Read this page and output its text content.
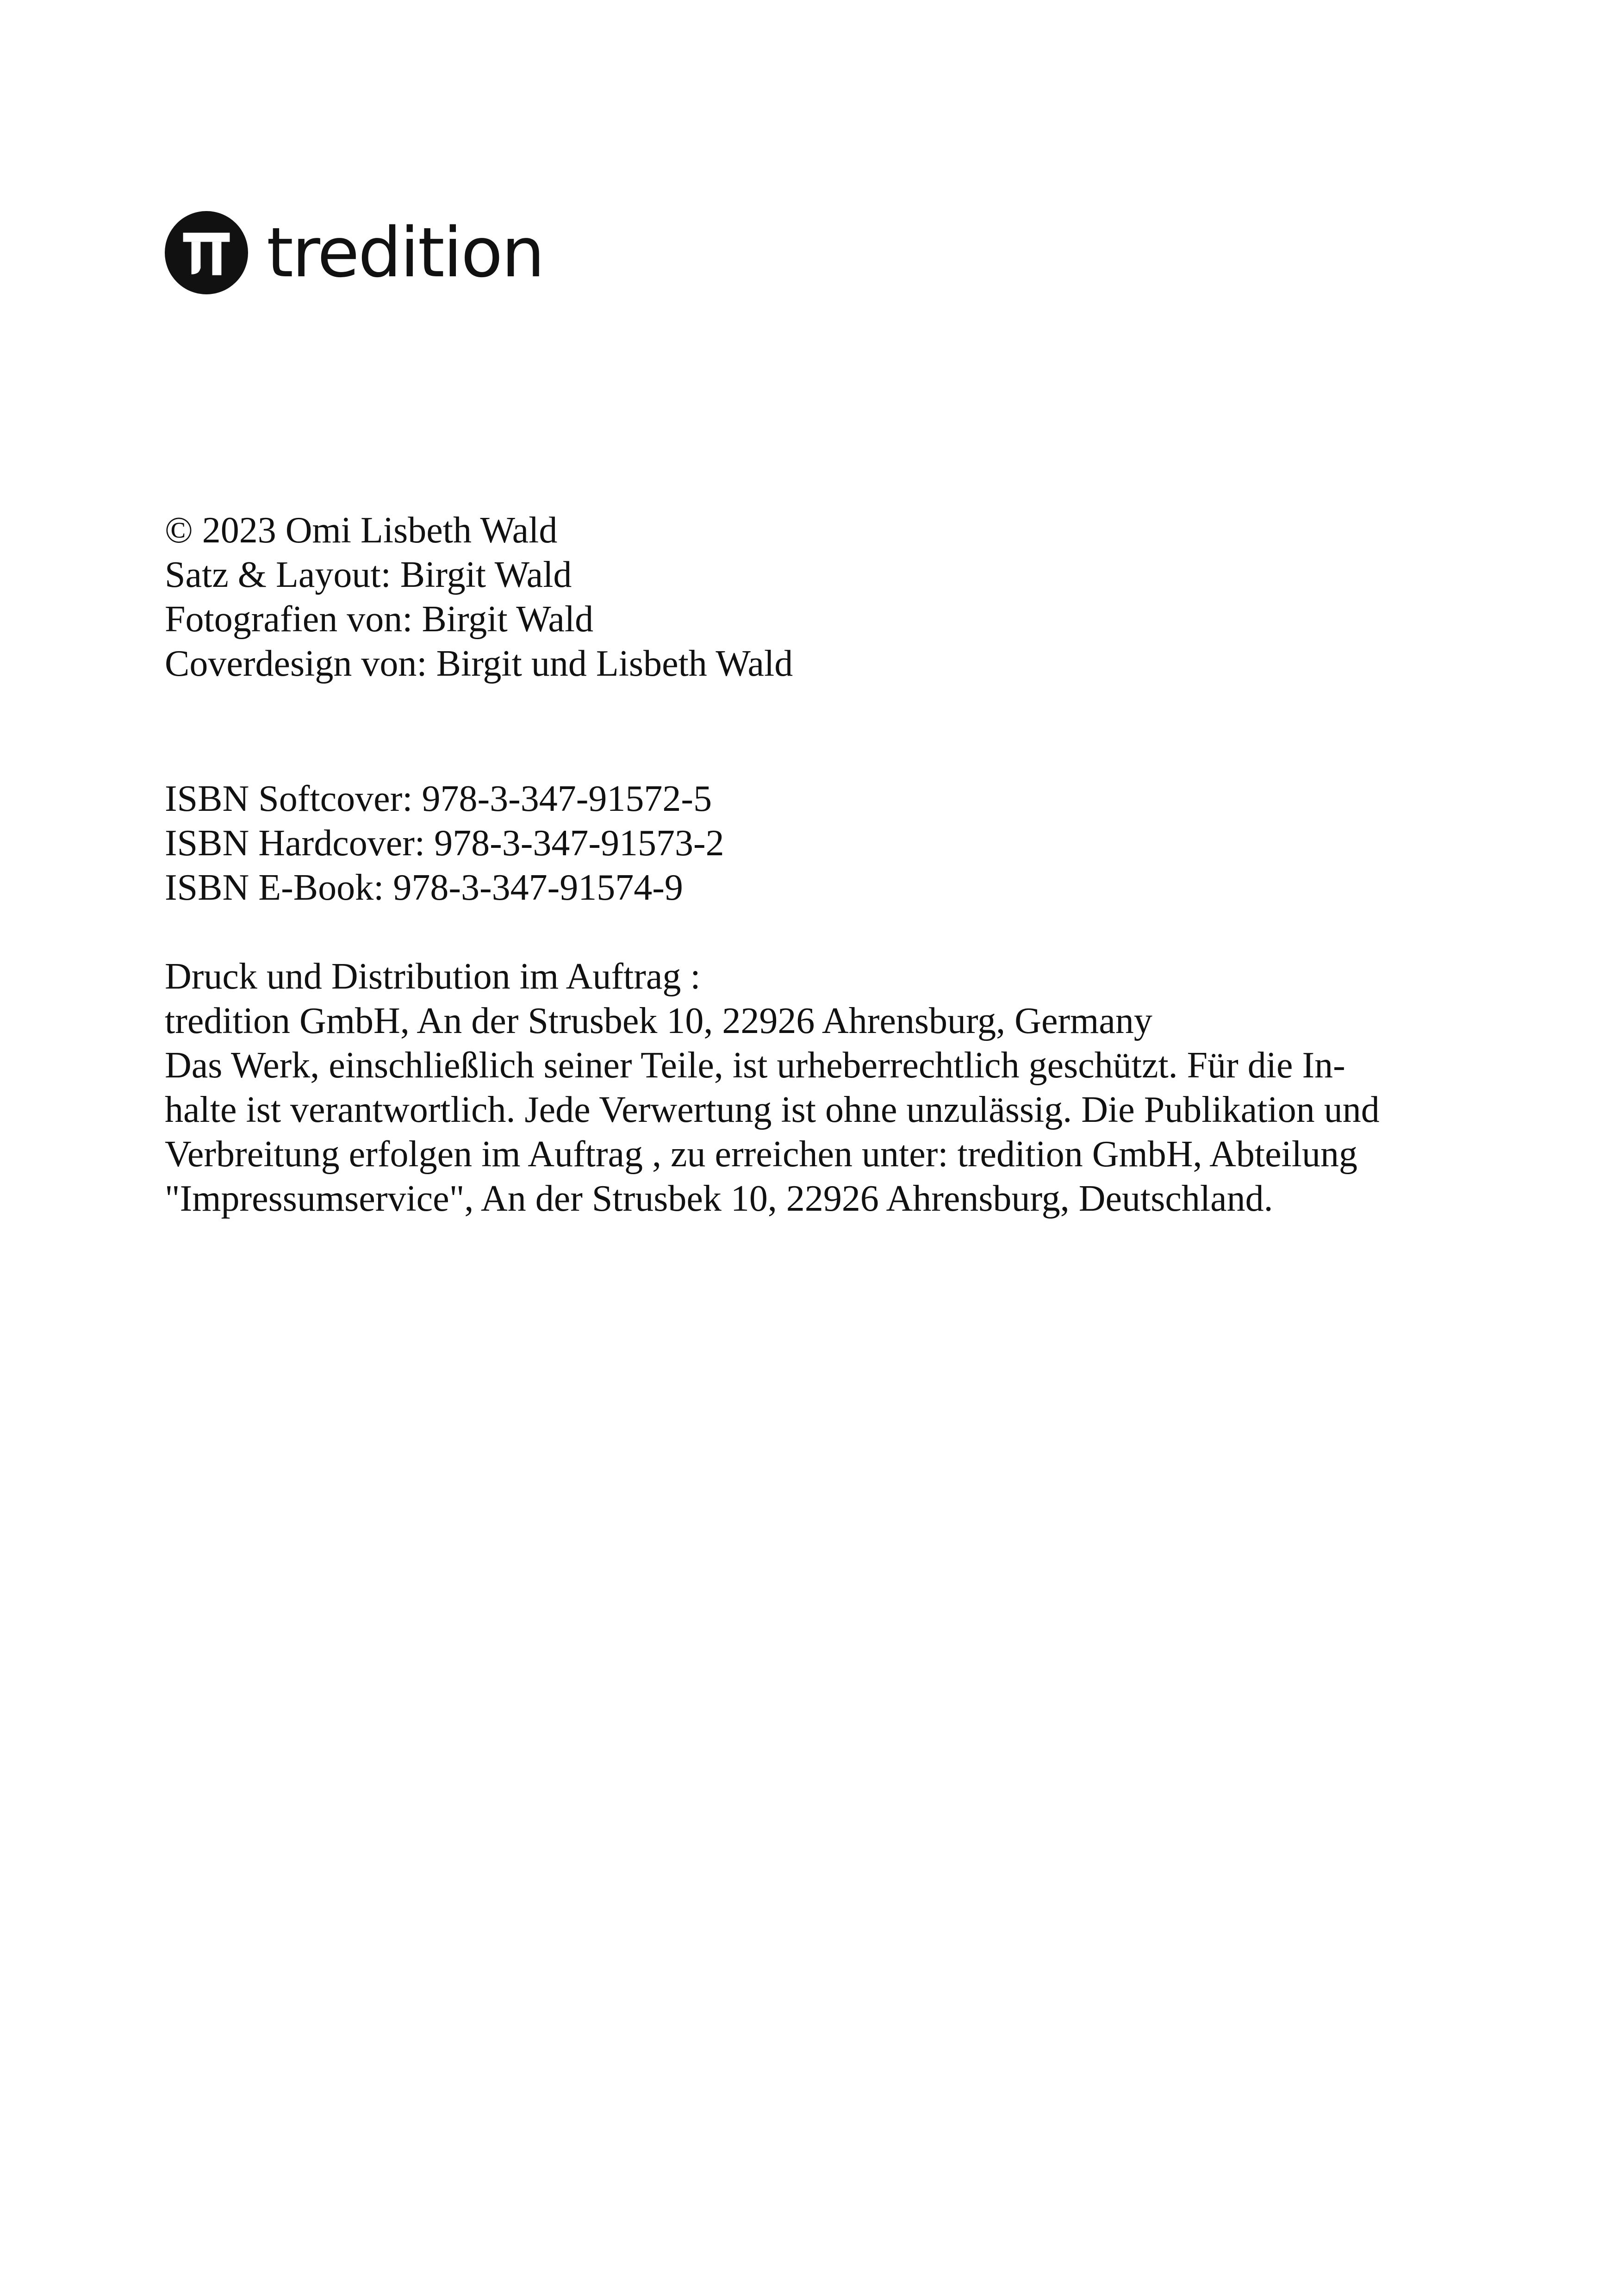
tredition
© 2023 Omi Lisbeth Wald
Satz & Layout: Birgit Wald
Fotografien von: Birgit Wald
Coverdesign von: Birgit und Lisbeth Wald
ISBN Softcover: 978-3-347-91572-5
ISBN Hardcover: 978-3-347-91573-2
ISBN E-Book: 978-3-347-91574-9
Druck und Distribution im Auftrag :
tredition GmbH, An der Strusbek 10, 22926 Ahrensburg, Germany
Das Werk, einschließlich seiner Teile, ist urheberrechtlich geschützt. Für die In-
halte ist verantwortlich. Jede Verwertung ist ohne unzulässig. Die Publikation und
Verbreitung erfolgen im Auftrag , zu erreichen unter: tredition GmbH, Abteilung
"Impressumservice", An der Strusbek 10, 22926 Ahrensburg, Deutschland.
